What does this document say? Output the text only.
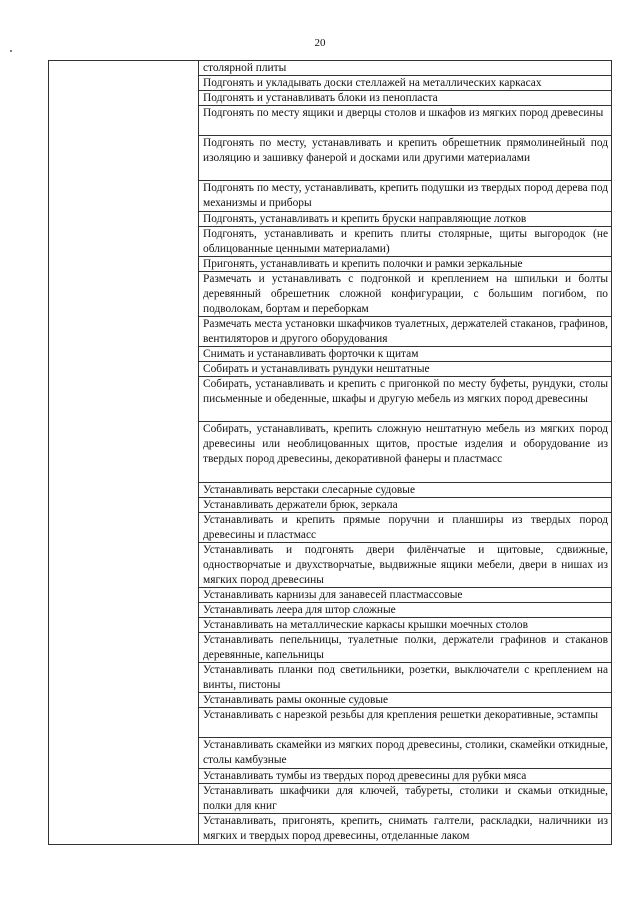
20
столярной плиты
Подгонять и укладывать доски стеллажей на металлических каркасах
Подгонять и устанавливать блоки из пенопласта
Подгонять по месту ящики и дверцы столов и шкафов из мягких пород древесины
Подгонять по месту, устанавливать и крепить обрешетник прямолинейный под изоляцию и зашивку фанерой и досками или другими материалами
Подгонять по месту, устанавливать, крепить подушки из твердых пород дерева под механизмы и приборы
Подгонять, устанавливать и крепить бруски направляющие лотков
Подгонять, устанавливать и крепить плиты столярные, щиты выгородок (не облицованные ценными материалами)
Пригонять, устанавливать и крепить полочки и рамки зеркальные
Размечать и устанавливать с подгонкой и креплением на шпильки и болты деревянный обрешетник сложной конфигурации, с большим погибом, по подволокам, бортам и переборкам
Размечать места установки шкафчиков туалетных, держателей стаканов, графинов, вентиляторов и другого оборудования
Снимать и устанавливать форточки к щитам
Собирать и устанавливать рундуки нештатные
Собирать, устанавливать и крепить с пригонкой по месту буфеты, рундуки, столы письменные и обеденные, шкафы и другую мебель из мягких пород древесины
Собирать, устанавливать, крепить сложную нештатную мебель из мягких пород древесины или необлицованных щитов, простые изделия и оборудование из твердых пород древесины, декоративной фанеры и пластмасс
Устанавливать верстаки слесарные судовые
Устанавливать держатели брюк, зеркала
Устанавливать и крепить прямые поручни и планширы из твердых пород древесины и пластмасс
Устанавливать и подгонять двери филёнчатые и щитовые, сдвижные, одностворчатые и двухстворчатые, выдвижные ящики мебели, двери в нишах из мягких пород древесины
Устанавливать карнизы для занавесей пластмассовые
Устанавливать леера для штор сложные
Устанавливать на металлические каркасы крышки моечных столов
Устанавливать пепельницы, туалетные полки, держатели графинов и стаканов деревянные, капельницы
Устанавливать планки под светильники, розетки, выключатели с креплением на винты, пистоны
Устанавливать рамы оконные судовые
Устанавливать с нарезкой резьбы для крепления решетки декоративные, эстампы
Устанавливать скамейки из мягких пород древесины, столики, скамейки откидные, столы камбузные
Устанавливать тумбы из твердых пород древесины для рубки мяса
Устанавливать шкафчики для ключей, табуреты, столики и скамьи откидные, полки для книг
Устанавливать, пригонять, крепить, снимать галтели, раскладки, наличники из мягких и твердых пород древесины, отделанные лаком
